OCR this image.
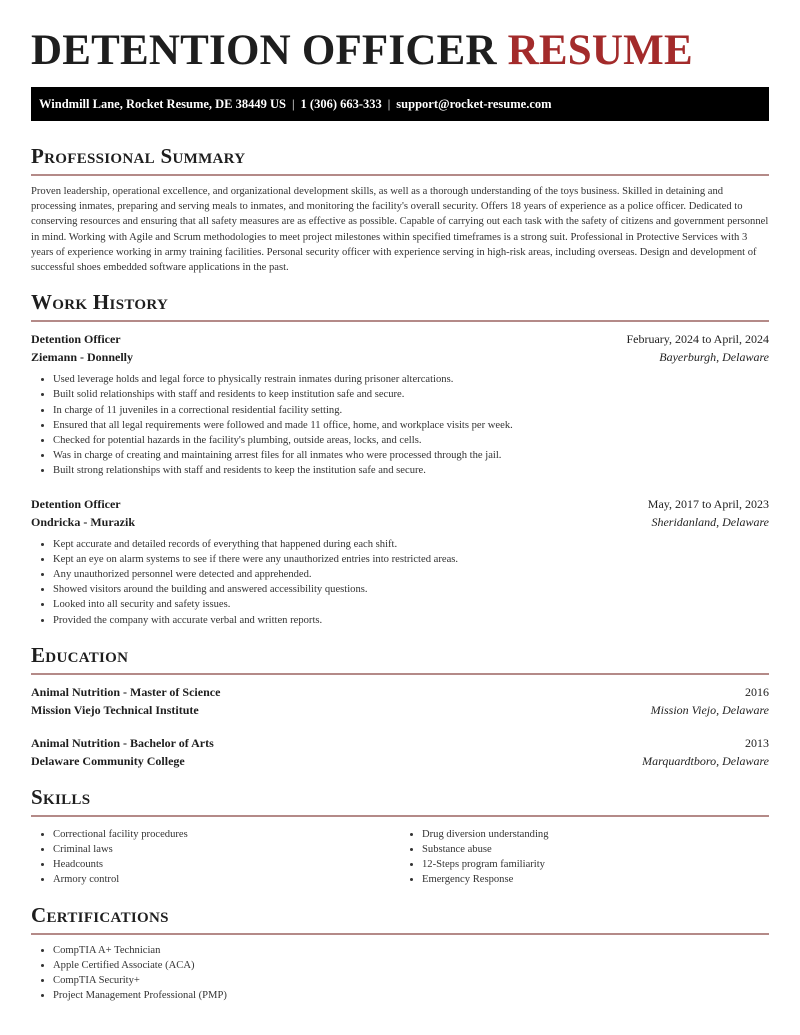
DETENTION OFFICER RESUME
Windmill Lane, Rocket Resume, DE 38449 US | 1 (306) 663-333 | support@rocket-resume.com
Professional Summary

Proven leadership, operational excellence, and organizational development skills, as well as a thorough understanding of the toys business. Skilled in detaining and processing inmates, preparing and serving meals to inmates, and monitoring the facility's overall security. Offers 18 years of experience as a police officer. Dedicated to conserving resources and ensuring that all safety measures are as effective as possible. Capable of carrying out each task with the safety of citizens and government personnel in mind. Working with Agile and Scrum methodologies to meet project milestones within specified timeframes is a strong suit. Professional in Protective Services with 3 years of experience working in army training facilities. Personal security officer with experience serving in high-risk areas, including overseas. Design and development of successful shoes embedded software applications in the past.

Work History
Detention Officer	February, 2024 to April, 2024
Ziemann - Donnelly	Bayerburgh, Delaware
• Used leverage holds and legal force to physically restrain inmates during prisoner altercations.
• Built solid relationships with staff and residents to keep institution safe and secure.
• In charge of 11 juveniles in a correctional residential facility setting.
• Ensured that all legal requirements were followed and made 11 office, home, and workplace visits per week.
• Checked for potential hazards in the facility's plumbing, outside areas, locks, and cells.
• Was in charge of creating and maintaining arrest files for all inmates who were processed through the jail.
• Built strong relationships with staff and residents to keep the institution safe and secure.
Detention Officer	May, 2017 to April, 2023
Ondricka - Murazik	Sheridanland, Delaware
• Kept accurate and detailed records of everything that happened during each shift.
• Kept an eye on alarm systems to see if there were any unauthorized entries into restricted areas.
• Any unauthorized personnel were detected and apprehended.
• Showed visitors around the building and answered accessibility questions.
• Looked into all security and safety issues.
• Provided the company with accurate verbal and written reports.
Education
Animal Nutrition - Master of Science	2016
Mission Viejo Technical Institute	Mission Viejo, Delaware
Animal Nutrition - Bachelor of Arts	2013
Delaware Community College	Marquardtboro, Delaware
Skills
• Correctional facility procedures
• Criminal laws
• Headcounts
• Armory control
• Drug diversion understanding
• Substance abuse
• 12-Steps program familiarity
• Emergency Response
Certifications
• CompTIA A+ Technician
• Apple Certified Associate (ACA)
• CompTIA Security+
• Project Management Professional (PMP)
